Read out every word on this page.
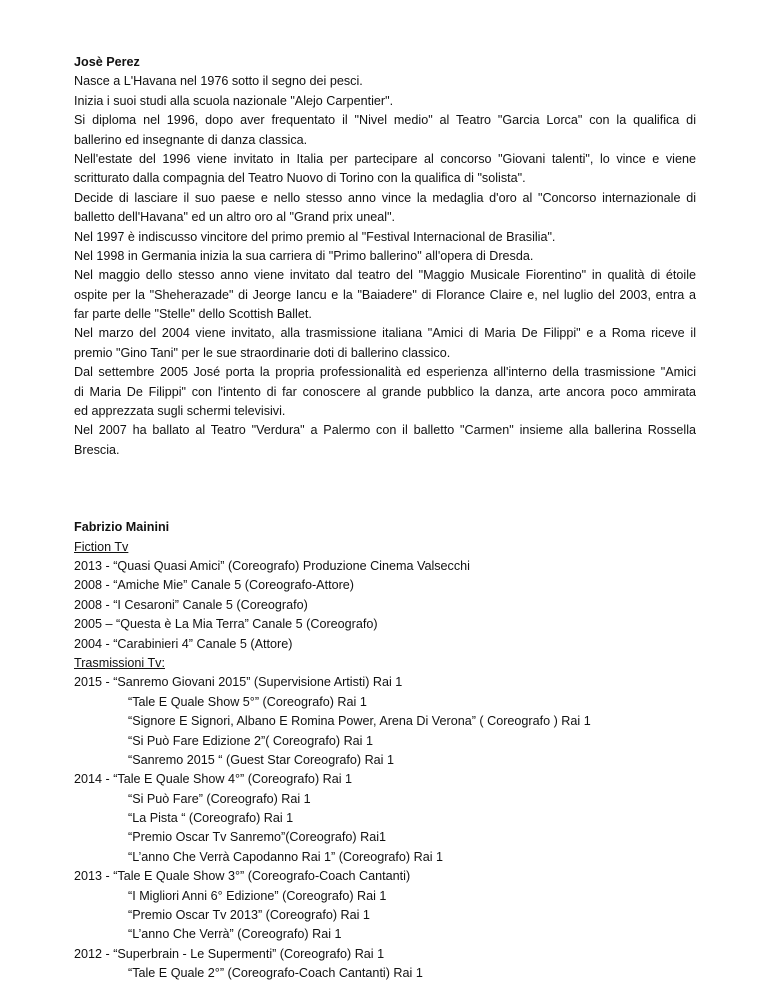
Josè Perez
Nasce a L'Havana nel 1976 sotto il segno dei pesci.
Inizia i suoi studi alla scuola nazionale "Alejo Carpentier".
Si diploma nel 1996, dopo aver frequentato il "Nivel medio" al Teatro "Garcia Lorca" con la qualifica di
ballerino ed insegnante di danza classica.
Nell'estate del 1996 viene invitato in Italia per partecipare al concorso "Giovani talenti", lo vince e viene
scritturato dalla compagnia del Teatro Nuovo di Torino con la qualifica di "solista".
Decide di lasciare il suo paese e nello stesso anno vince la medaglia d'oro al "Concorso internazionale di
balletto dell'Havana" ed un altro oro al "Grand prix uneal".
Nel 1997 è indiscusso vincitore del primo premio al "Festival Internacional de Brasilia".
Nel 1998 in Germania inizia la sua carriera di "Primo ballerino" all'opera di Dresda.
Nel maggio dello stesso anno viene invitato dal teatro del "Maggio Musicale Fiorentino" in qualità di étoile
ospite per la "Sheherazade" di Jeorge Iancu e la "Baiadere" di Florance Claire e, nel luglio del 2003, entra a
far parte delle "Stelle" dello Scottish Ballet.
Nel marzo del 2004 viene invitato, alla trasmissione italiana "Amici di Maria De Filippi" e a Roma riceve il
premio "Gino Tani" per le sue straordinarie doti di ballerino classico.
Dal settembre 2005 José porta la propria professionalità ed esperienza all'interno della trasmissione "Amici
di Maria De Filippi" con l'intento di far conoscere al grande pubblico la danza, arte ancora poco ammirata
ed apprezzata sugli schermi televisivi.
Nel 2007 ha ballato al Teatro "Verdura" a Palermo con il balletto "Carmen" insieme alla ballerina Rossella
Brescia.
Fabrizio Mainini
Fiction Tv
2013 - “Quasi Quasi Amici” (Coreografo) Produzione Cinema Valsecchi
2008 - “Amiche Mie” Canale 5 (Coreografo-Attore)
2008 - “I Cesaroni” Canale 5 (Coreografo)
2005 – “Questa è La Mia Terra” Canale 5 (Coreografo)
2004 - “Carabinieri 4” Canale 5 (Attore)
Trasmissioni Tv:
2015 - “Sanremo Giovani 2015” (Supervisione Artisti) Rai 1
“Tale E Quale Show 5°” (Coreografo) Rai 1
“Signore E Signori, Albano E Romina Power, Arena Di Verona” ( Coreografo ) Rai 1
“Si Può Fare Edizione 2”( Coreografo) Rai 1
“Sanremo 2015 “ (Guest Star Coreografo) Rai 1
2014 - “Tale E Quale Show 4°” (Coreografo) Rai 1
“Si Può Fare” (Coreografo) Rai 1
“La Pista “ (Coreografo) Rai 1
“Premio Oscar Tv Sanremo”(Coreografo) Rai1
“L’anno Che Verrà Capodanno Rai 1” (Coreografo) Rai 1
2013 - “Tale E Quale Show 3°” (Coreografo-Coach Cantanti)
“I Migliori Anni 6° Edizione” (Coreografo) Rai 1
“Premio Oscar Tv 2013” (Coreografo) Rai 1
“L’anno Che Verrà” (Coreografo) Rai 1
2012 - “Superbrain - Le Supermenti” (Coreografo) Rai 1
“Tale E Quale 2°” (Coreografo-Coach Cantanti) Rai 1
